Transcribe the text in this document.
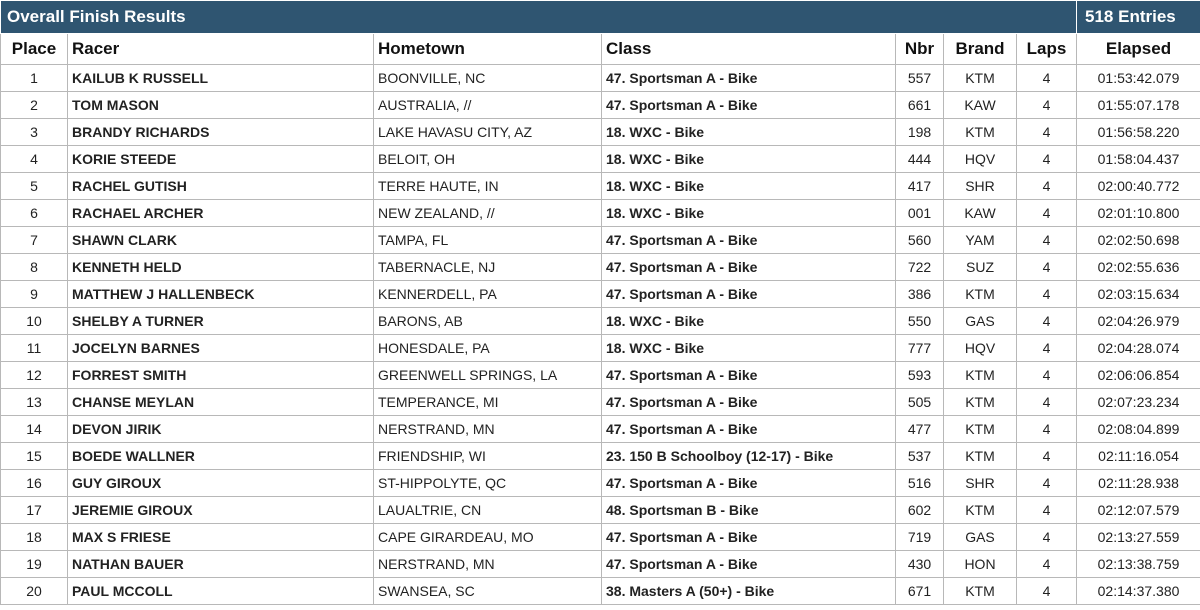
Overall Finish Results							518 Entries
Place	Racer	Hometown	Class	Nbr	Brand	Laps	Elapsed
1	KAILUB K RUSSELL	BOONVILLE, NC	47. Sportsman A - Bike	557	KTM	4	01:53:42.079
2	TOM MASON	AUSTRALIA, //	47. Sportsman A - Bike	661	KAW	4	01:55:07.178
3	BRANDY RICHARDS	LAKE HAVASU CITY, AZ	18. WXC - Bike	198	KTM	4	01:56:58.220
4	KORIE STEEDE	BELOIT, OH	18. WXC - Bike	444	HQV	4	01:58:04.437
5	RACHEL GUTISH	TERRE HAUTE, IN	18. WXC - Bike	417	SHR	4	02:00:40.772
6	RACHAEL ARCHER	NEW ZEALAND, //	18. WXC - Bike	001	KAW	4	02:01:10.800
7	SHAWN CLARK	TAMPA, FL	47. Sportsman A - Bike	560	YAM	4	02:02:50.698
8	KENNETH HELD	TABERNACLE, NJ	47. Sportsman A - Bike	722	SUZ	4	02:02:55.636
9	MATTHEW J HALLENBECK	KENNERDELL, PA	47. Sportsman A - Bike	386	KTM	4	02:03:15.634
10	SHELBY A TURNER	BARONS, AB	18. WXC - Bike	550	GAS	4	02:04:26.979
11	JOCELYN BARNES	HONESDALE, PA	18. WXC - Bike	777	HQV	4	02:04:28.074
12	FORREST SMITH	GREENWELL SPRINGS, LA	47. Sportsman A - Bike	593	KTM	4	02:06:06.854
13	CHANSE MEYLAN	TEMPERANCE, MI	47. Sportsman A - Bike	505	KTM	4	02:07:23.234
14	DEVON JIRIK	NERSTRAND, MN	47. Sportsman A - Bike	477	KTM	4	02:08:04.899
15	BOEDE WALLNER	FRIENDSHIP, WI	23. 150 B Schoolboy (12-17) - Bike	537	KTM	4	02:11:16.054
16	GUY GIROUX	ST-HIPPOLYTE, QC	47. Sportsman A - Bike	516	SHR	4	02:11:28.938
17	JEREMIE GIROUX	LAUALTRIE, CN	48. Sportsman B - Bike	602	KTM	4	02:12:07.579
18	MAX S FRIESE	CAPE GIRARDEAU, MO	47. Sportsman A - Bike	719	GAS	4	02:13:27.559
19	NATHAN BAUER	NERSTRAND, MN	47. Sportsman A - Bike	430	HON	4	02:13:38.759
20	PAUL MCCOLL	SWANSEA, SC	38. Masters A (50+) - Bike	671	KTM	4	02:14:37.380
